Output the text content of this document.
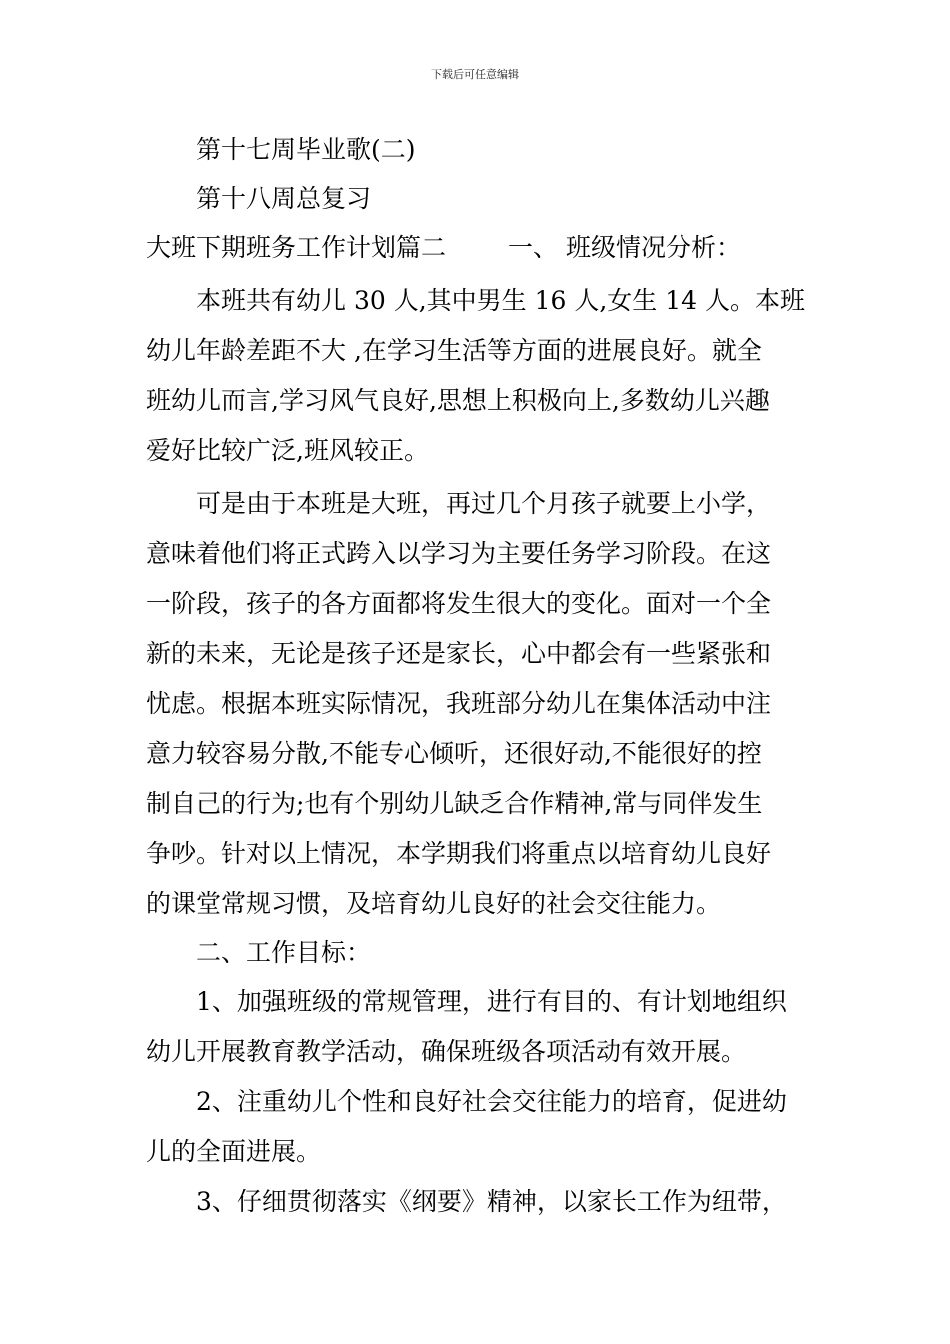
下载后可任意编辑
第十七周毕业歌(二)
第十八周总复习
大班下期班务工作计划篇二 一、 班级情况分析：
本班共有幼儿 30 人,其中男生 16 人,女生 14 人。本班
幼儿年龄差距不大 ,在学习生活等方面的进展良好。就全
班幼儿而言,学习风气良好,思想上积极向上,多数幼儿兴趣
爱好比较广泛,班风较正。
可是由于本班是大班，再过几个月孩子就要上小学，
意味着他们将正式跨入以学习为主要任务学习阶段。在这
一阶段，孩子的各方面都将发生很大的变化。面对一个全
新的未来，无论是孩子还是家长，心中都会有一些紧张和
忧虑。根据本班实际情况，我班部分幼儿在集体活动中注
意力较容易分散,不能专心倾听，还很好动,不能很好的控
制自己的行为;也有个别幼儿缺乏合作精神,常与同伴发生
争吵。针对以上情况，本学期我们将重点以培育幼儿良好
的课堂常规习惯，及培育幼儿良好的社会交往能力。
二、工作目标：
1、加强班级的常规管理，进行有目的、有计划地组织
幼儿开展教育教学活动，确保班级各项活动有效开展。
2、注重幼儿个性和良好社会交往能力的培育，促进幼
儿的全面进展。
3、仔细贯彻落实《纲要》精神，以家长工作为纽带，
